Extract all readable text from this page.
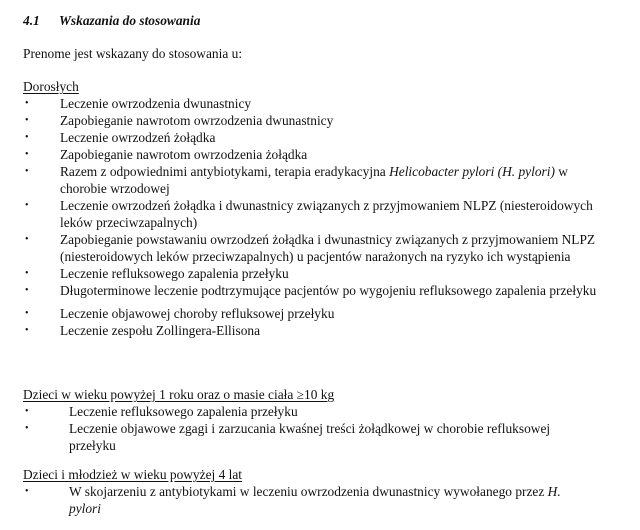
4.1 Wskazania do stosowania
Prenome jest wskazany do stosowania u:
Dorosłych
• Leczenie owrzodzenia dwunastnicy
• Zapobieganie nawrotom owrzodzenia dwunastnicy
• Leczenie owrzodzeń żołądka
• Zapobieganie nawrotom owrzodzenia żołądka
• Razem z odpowiednimi antybiotykami, terapia eradykacyjna Helicobacter pylori (H. pylori) w chorobie wrzodowej
• Leczenie owrzodzeń żołądka i dwunastnicy związanych z przyjmowaniem NLPZ (niesteroidowych leków przeciwzapalnych)
• Zapobieganie powstawaniu owrzodzeń żołądka i dwunastnicy związanych z przyjmowaniem NLPZ (niesteroidowych leków przeciwzapalnych) u pacjentów narażonych na ryzyko ich wystąpienia
• Leczenie refluksowego zapalenia przełyku
• Długoterminowe leczenie podtrzymujące pacjentów po wygojeniu refluksowego zapalenia przełyku
• Leczenie objawowej choroby refluksowej przełyku
• Leczenie zespołu Zollingera-Ellisona
Dzieci w wieku powyżej 1 roku oraz o masie ciała ≥10 kg
•	Leczenie refluksowego zapalenia przełyku
•	Leczenie objawowe zgagi i zarzucania kwaśnej treści żołądkowej w chorobie refluksowej przełyku
Dzieci i młodzież w wieku powyżej 4 lat
•	W skojarzeniu z antybiotykami w leczeniu owrzodzenia dwunastnicy wywołanego przez H. pylori
